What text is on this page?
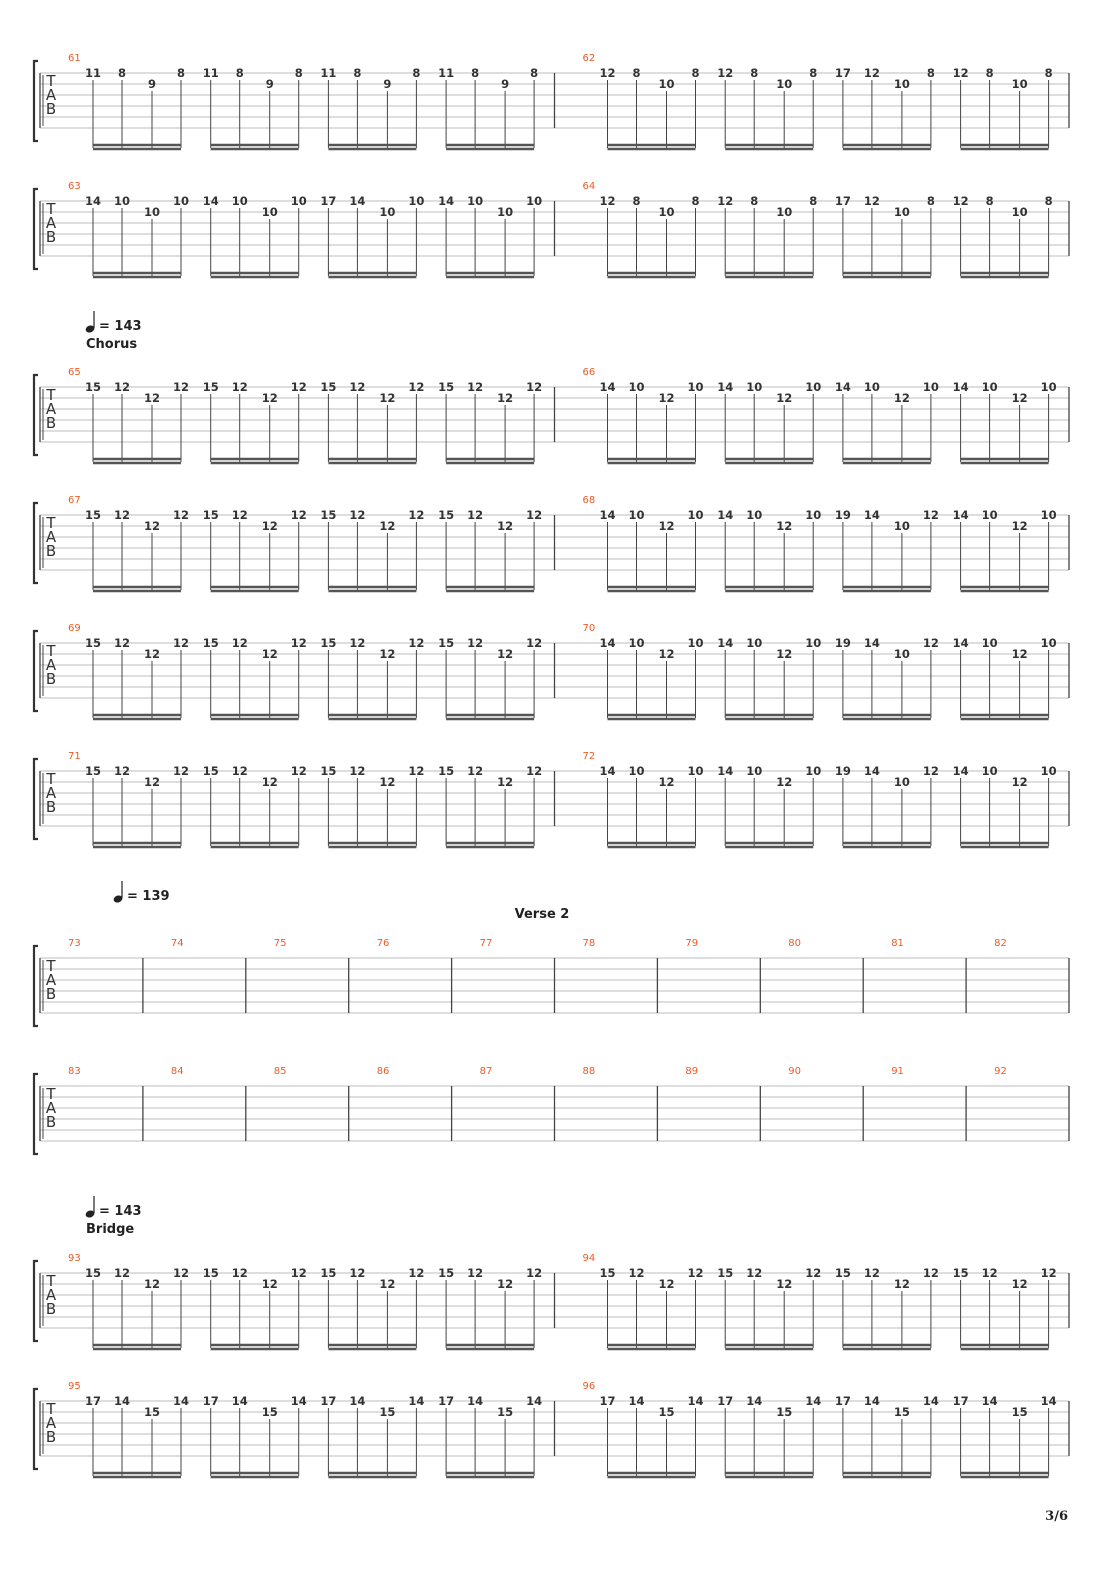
= 143
Chorus
= 139
Verse 2
= 143
Bridge
T
A
B
61
11 8
9
8 11 8
9
8 11 8
9
8 11 8
9
8
62
12 8
10
8 12 8
10
8 17 12
10
8 12 8
10
8
T
A
B
63
14 10
10
10 14 10
10
10 17 14
10
10 14 10
10
10
64
12 8
10
8 12 8
10
8 17 12
10
8 12 8
10
8
T
A
B
65
15 12
12
12 15 12
12
12 15 12
12
12 15 12
12
12
66
14 10
12
10 14 10
12
10 14 10
12
10 14 10
12
10
T
A
B
67
15 12
12
12 15 12
12
12 15 12
12
12 15 12
12
12
68
14 10
12
10 14 10
12
10 19 14
10
12 14 10
12
10
T
A
B
69
15 12
12
12 15 12
12
12 15 12
12
12 15 12
12
12
70
14 10
12
10 14 10
12
10 19 14
10
12 14 10
12
10
T
A
B
71
15 12
12
12 15 12
12
12 15 12
12
12 15 12
12
12
72
14 10
12
10 14 10
12
10 19 14
10
12 14 10
12
10
T
A
B
73	74	75	76	77	78	79	80	81	82
T
A
B
83	84	85	86	87	88	89	90	91	92
T
A
B
93
15 12
12
12 15 12
12
12 15 12
12
12 15 12
12
12
94
15 12
12
12 15 12
12
12 15 12
12
12 15 12
12
12
T
A
B
95
17 14
15
14 17 14
15
14 17 14
15
14 17 14
15
14
96
17 14
15
14 17 14
15
14 17 14
15
14 17 14
15
14
3/6
